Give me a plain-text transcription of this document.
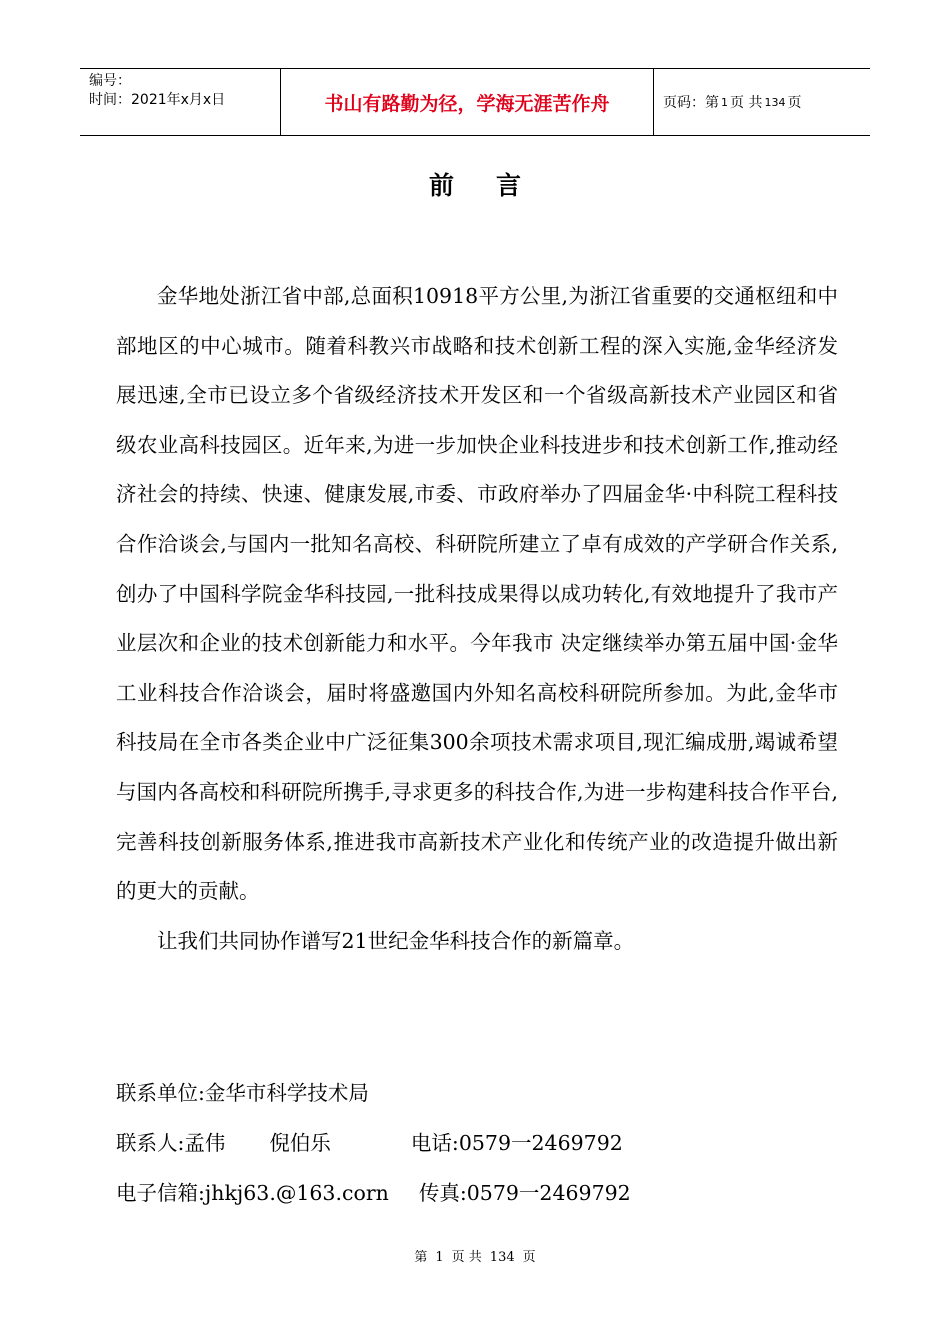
编号：
时间：2021年x月x日	书山有路勤为径，学海无涯苦作舟	页码：第 1 页 共 134 页
前言

金华地处浙江省中部,总面积10918平方公里,为浙江省重要的交通枢纽和中部地区的中心城市。随着科教兴市战略和技术创新工程的深入实施,金华经济发展迅速,全市已设立多个省级经济技术开发区和一个省级高新技术产业园区和省级农业高科技园区。近年来,为进一步加快企业科技进步和技术创新工作,推动经济社会的持续、快速、健康发展,市委、市政府举办了四届金华·中科院工程科技合作洽谈会,与国内一批知名高校、科研院所建立了卓有成效的产学研合作关系,创办了中国科学院金华科技园,一批科技成果得以成功转化,有效地提升了我市产业层次和企业的技术创新能力和水平。今年我市 决定继续举办第五届中国·金华工业科技合作洽谈会，届时将盛邀国内外知名高校科研院所参加。为此,金华市科技局在全市各类企业中广泛征集300余项技术需求项目,现汇编成册,竭诚希望与国内各高校和科研院所携手,寻求更多的科技合作,为进一步构建科技合作平台,完善科技创新服务体系,推进我市高新技术产业化和传统产业的改造提升做出新的更大的贡献。

让我们共同协作谱写21世纪金华科技合作的新篇章。

联系单位:金华市科学技术局
联系人:孟伟 倪伯乐	电话:0579一2469792
电子信箱:jhkj63.@163.corn 传真:0579一2469792
第 1 页 共 134 页
